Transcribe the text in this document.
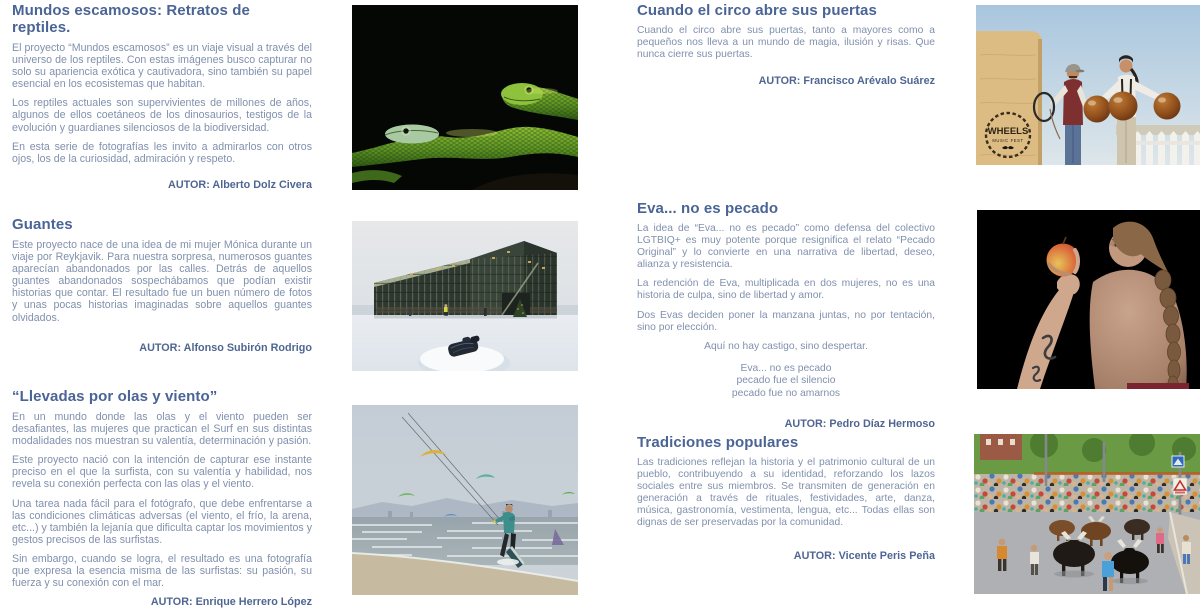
Mundos escamosos: Retratos de reptiles.

El proyecto “Mundos escamosos” es un viaje visual a través del universo de los reptiles. Con estas imágenes busco capturar no solo su apariencia exótica y cautivadora, sino también su papel esencial en los ecosistemas que habitan.

Los reptiles actuales son supervivientes de millones de años, algunos de ellos coetáneos de los dinosaurios, testigos de la evolución y guardianes silenciosos de la biodiversidad.

En esta serie de fotografías les invito a admirarlos con otros ojos, los de la curiosidad, admiración y respeto.

AUTOR: Alberto Dolz Civera
Guantes

Este proyecto nace de una idea de mi mujer Mónica durante un viaje por Reykjavik. Para nuestra sorpresa, numerosos guantes aparecían abandonados por las calles. Detrás de aquellos guantes abandonados sospechábamos que podían existir historias que contar. El resultado fue un buen número de fotos y unas pocas historias imaginadas sobre aquellos guantes olvidados.

AUTOR: Alfonso Subirón Rodrigo
“Llevadas por olas y viento”

En un mundo donde las olas y el viento pueden ser desafiantes, las mujeres que practican el Surf en sus distintas modalidades nos muestran su valentía, determinación y pasión.

Este proyecto nació con la intención de capturar ese instante preciso en el que la surfista, con su valentía y habilidad, nos revela su conexión perfecta con las olas y el viento.

Una tarea nada fácil para el fotógrafo, que debe enfrentarse a las condiciones climáticas adversas (el viento, el frío, la arena, etc...) y también la lejanía que dificulta captar los movimientos y gestos precisos de las surfistas.

Sin embargo, cuando se logra, el resultado es una fotografía que expresa la esencia misma de las surfistas: su pasión, su fuerza y su conexión con el mar.

AUTOR: Enrique Herrero López
Cuando el circo abre sus puertas

Cuando el circo abre sus puertas, tanto a mayores como a pequeños nos lleva a un mundo de magia, ilusión y risas. Que nunca cierre sus puertas.

AUTOR: Francisco Arévalo Suárez
Eva... no es pecado

La idea de “Eva... no es pecado” como defensa del colectivo LGTBIQ+ es muy potente porque resignifica el relato “Pecado Original” y lo convierte en una narrativa de libertad, deseo, alianza y resistencia.

La redención de Eva, multiplicada en dos mujeres, no es una historia de culpa, sino de libertad y amor.

Dos Evas deciden poner la manzana juntas, no por tentación, sino por elección.

Aquí no hay castigo, sino despertar.

Eva... no es pecado
pecado fue el silencio
pecado fue no amarnos
AUTOR: Pedro Díaz Hermoso
Tradiciones populares

Las tradiciones reflejan la historia y el patrimonio cultural de un pueblo, contribuyendo a su identidad, reforzando los lazos sociales entre sus miembros. Se transmiten de generación en generación a través de rituales, festividades, arte, danza, música, gastronomía, vestimenta, lengua, etc... Todas ellas son dignas de ser preservadas por la comunidad.

AUTOR: Vicente Peris Peña
WHEELS
MUSIC FEST
